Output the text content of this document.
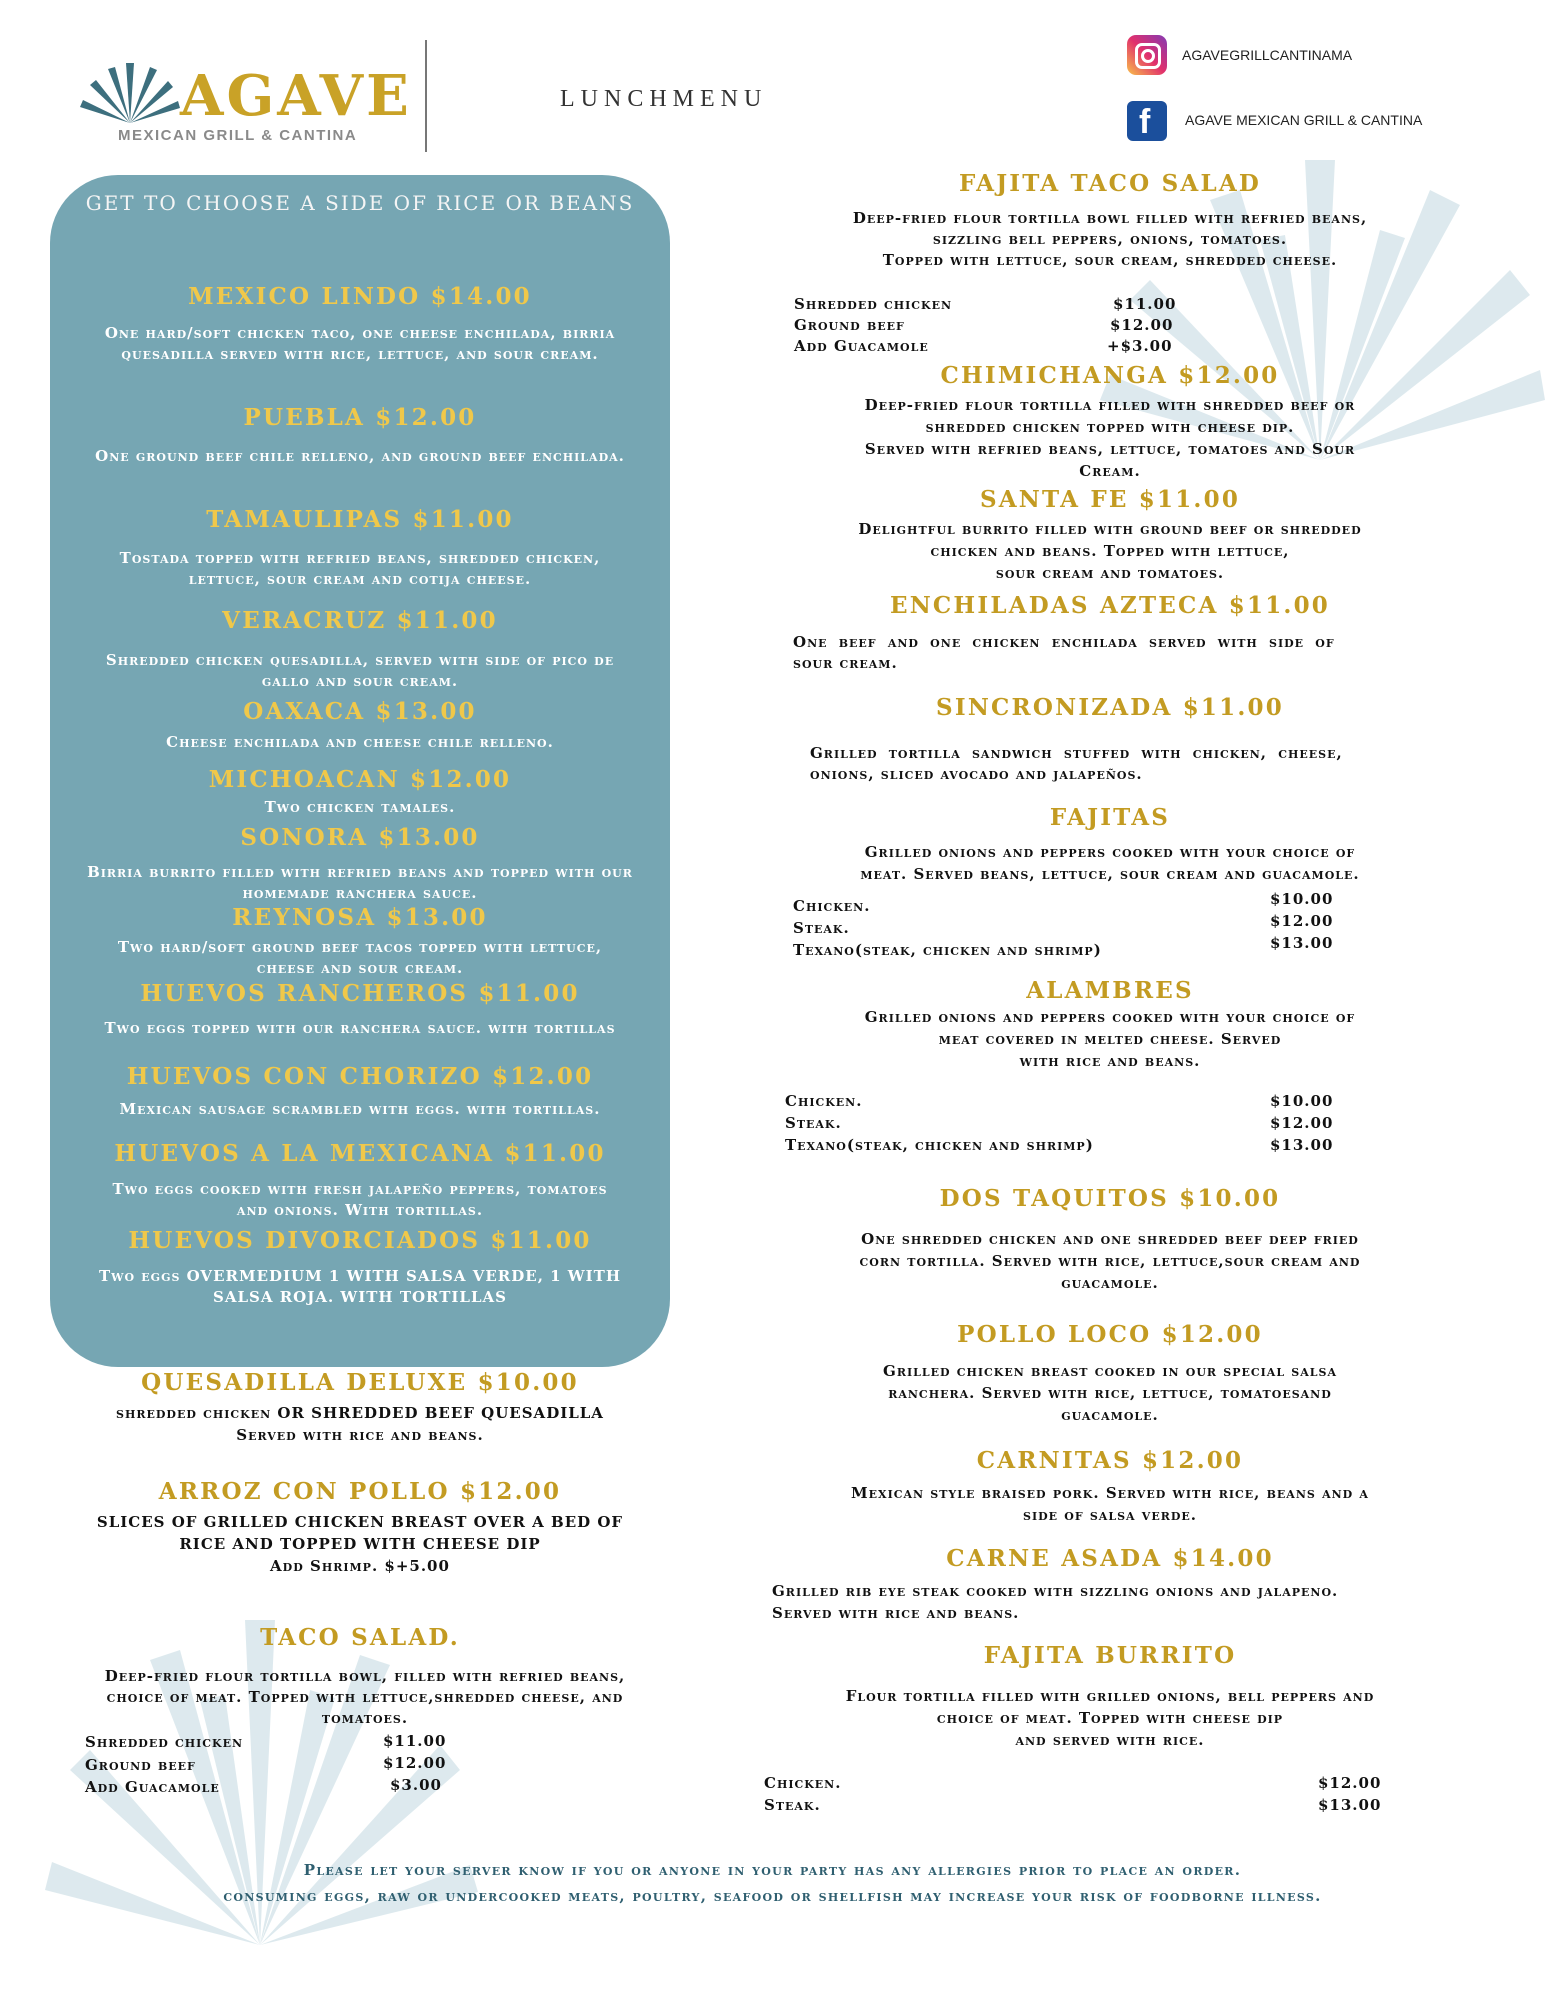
AGAVE
MEXICAN GRILL & CANTINA
LUNCHMENU
AGAVEGRILLCANTINAMA
f AGAVE MEXICAN GRILL & CANTINA
GET TO CHOOSE A SIDE OF RICE OR BEANS
MEXICO LINDO $14.00
One hard/soft chicken taco, one cheese enchilada, birria quesadilla served with rice, lettuce, and sour cream.
PUEBLA $12.00
One ground beef chile relleno, and ground beef enchilada.
TAMAULIPAS $11.00
Tostada topped with refried beans, shredded chicken, lettuce, sour cream and cotija cheese.
VERACRUZ $11.00
Shredded chicken quesadilla, served with side of pico de gallo and sour cream.
OAXACA $13.00
Cheese enchilada and cheese chile relleno.
MICHOACAN $12.00
Two chicken tamales.
SONORA $13.00
Birria burrito filled with refried beans and topped with our homemade ranchera sauce.
REYNOSA $13.00
Two hard/soft ground beef tacos topped with lettuce, cheese and sour cream.
HUEVOS RANCHEROS $11.00
Two eggs topped with our ranchera sauce. with tortillas
HUEVOS CON CHORIZO $12.00
Mexican sausage scrambled with eggs. with tortillas.
HUEVOS A LA MEXICANA $11.00
Two eggs cooked with fresh jalapeño peppers, tomatoes and onions. With tortillas.
HUEVOS DIVORCIADOS $11.00
Two eggs OVERMEDIUM 1 WITH SALSA VERDE, 1 WITH SALSA ROJA. WITH TORTILLAS
QUESADILLA DELUXE $10.00
shredded chicken OR SHREDDED BEEF QUESADILLA
Served with rice and beans.
ARROZ CON POLLO $12.00
SLICES OF GRILLED CHICKEN BREAST OVER A BED OF
RICE AND TOPPED WITH CHEESE DIP
Add Shrimp. $+5.00
TACO SALAD.
Deep-fried flour tortilla bowl, filled with refried beans, choice of meat. Topped with lettuce,shredded cheese, and tomatoes.
Shredded chicken	$11.00
Ground beef	$12.00
Add Guacamole	$3.00
FAJITA TACO SALAD
Deep-fried flour tortilla bowl filled with refried beans,
sizzling bell peppers, onions, tomatoes.
Topped with lettuce, sour cream, shredded cheese.
Shredded chicken	$11.00
Ground beef	$12.00
Add Guacamole	+$3.00
CHIMICHANGA $12.00
Deep-fried flour tortilla filled with shredded beef or
shredded chicken topped with cheese dip.
Served with refried beans, lettuce, tomatoes and Sour
Cream.
SANTA FE $11.00
Delightful burrito filled with ground beef or shredded
chicken and beans. Topped with lettuce,
sour cream and tomatoes.
ENCHILADAS AZTECA $11.00
One beef and one chicken enchilada served with side of
sour cream.
SINCRONIZADA $11.00
Grilled tortilla sandwich stuffed with chicken, cheese,
onions, sliced avocado and jalapeños.
FAJITAS
Grilled onions and peppers cooked with your choice of
meat. Served beans, lettuce, sour cream and guacamole.
Chicken.	$10.00
Steak.	$12.00
Texano(steak, chicken and shrimp)	$13.00
ALAMBRES
Grilled onions and peppers cooked with your choice of
meat covered in melted cheese. Served
with rice and beans.
Chicken.	$10.00
Steak.	$12.00
Texano(steak, chicken and shrimp)	$13.00
DOS TAQUITOS $10.00
One shredded chicken and one shredded beef deep fried
corn tortilla. Served with rice, lettuce,sour cream and
guacamole.
POLLO LOCO $12.00
Grilled chicken breast cooked in our special salsa
ranchera. Served with rice, lettuce, tomatoesand
guacamole.
CARNITAS $12.00
Mexican style braised pork. Served with rice, beans and a
side of salsa verde.
CARNE ASADA $14.00
Grilled rib eye steak cooked with sizzling onions and jalapeno.
Served with rice and beans.
FAJITA BURRITO
Flour tortilla filled with grilled onions, bell peppers and
choice of meat. Topped with cheese dip
and served with rice.
Chicken.	$12.00
Steak.	$13.00
Please let your server know if you or anyone in your party has any allergies prior to place an order.
consuming eggs, raw or undercooked meats, poultry, seafood or shellfish may increase your risk of foodborne illness.
